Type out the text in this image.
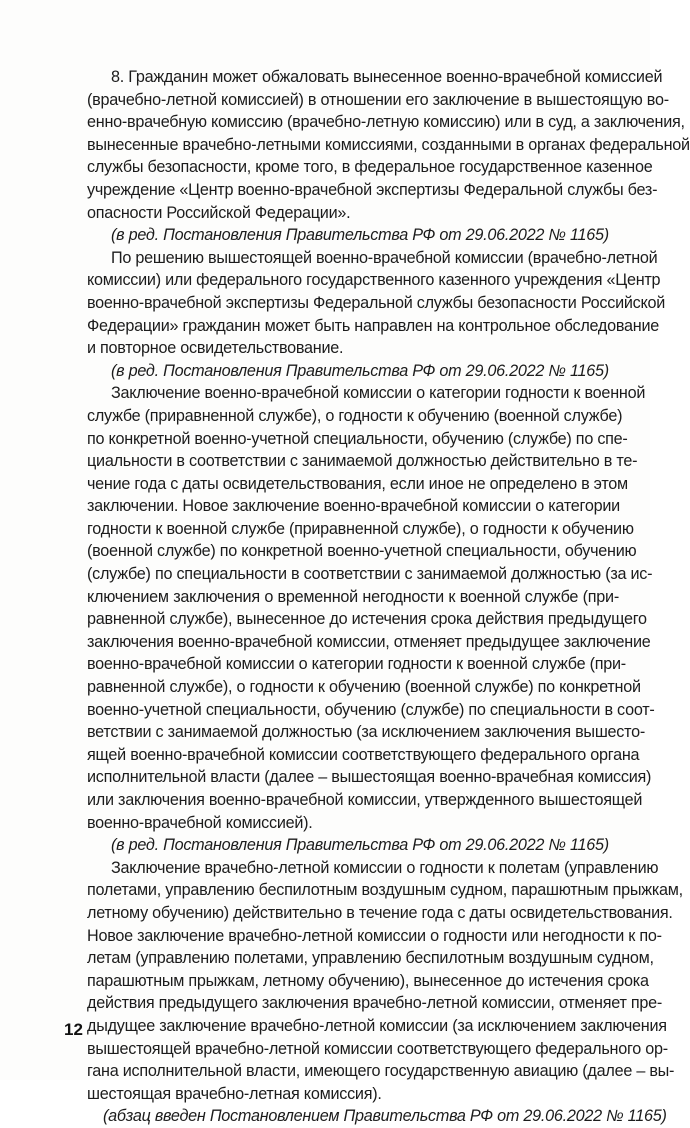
8. Гражданин может обжаловать вынесенное военно-врачебной комиссией
(врачебно-летной комиссией) в отношении его заключение в вышестоящую во-
енно-врачебную комиссию (врачебно-летную комиссию) или в суд, а заключения,
вынесенные врачебно-летными комиссиями, созданными в органах федеральной
службы безопасности, кроме того, в федеральное государственное казенное
учреждение «Центр военно-врачебной экспертизы Федеральной службы без-
опасности Российской Федерации».
(в ред. Постановления Правительства РФ от 29.06.2022 № 1165)
По решению вышестоящей военно-врачебной комиссии (врачебно-летной
комиссии) или федерального государственного казенного учреждения «Центр
военно-врачебной экспертизы Федеральной службы безопасности Российской
Федерации» гражданин может быть направлен на контрольное обследование
и повторное освидетельствование.
(в ред. Постановления Правительства РФ от 29.06.2022 № 1165)
Заключение военно-врачебной комиссии о категории годности к военной
службе (приравненной службе), о годности к обучению (военной службе)
по конкретной военно-учетной специальности, обучению (службе) по спе-
циальности в соответствии с занимаемой должностью действительно в те-
чение года с даты освидетельствования, если иное не определено в этом
заключении. Новое заключение военно-врачебной комиссии о категории
годности к военной службе (приравненной службе), о годности к обучению
(военной службе) по конкретной военно-учетной специальности, обучению
(службе) по специальности в соответствии с занимаемой должностью (за ис-
ключением заключения о временной негодности к военной службе (при-
равненной службе), вынесенное до истечения срока действия предыдущего
заключения военно-врачебной комиссии, отменяет предыдущее заключение
военно-врачебной комиссии о категории годности к военной службе (при-
равненной службе), о годности к обучению (военной службе) по конкретной
военно-учетной специальности, обучению (службе) по специальности в соот-
ветствии с занимаемой должностью (за исключением заключения вышесто-
ящей военно-врачебной комиссии соответствующего федерального органа
исполнительной власти (далее – вышестоящая военно-врачебная комиссия)
или заключения военно-врачебной комиссии, утвержденного вышестоящей
военно-врачебной комиссией).
(в ред. Постановления Правительства РФ от 29.06.2022 № 1165)
Заключение врачебно-летной комиссии о годности к полетам (управлению
полетами, управлению беспилотным воздушным судном, парашютным прыжкам,
летному обучению) действительно в течение года с даты освидетельствования.
Новое заключение врачебно-летной комиссии о годности или негодности к по-
летам (управлению полетами, управлению беспилотным воздушным судном,
парашютным прыжкам, летному обучению), вынесенное до истечения срока
действия предыдущего заключения врачебно-летной комиссии, отменяет пре-
дыдущее заключение врачебно-летной комиссии (за исключением заключения
вышестоящей врачебно-летной комиссии соответствующего федерального ор-
гана исполнительной власти, имеющего государственную авиацию (далее – вы-
шестоящая врачебно-летная комиссия).
(абзац введен Постановлением Правительства РФ от 29.06.2022 № 1165)
12
